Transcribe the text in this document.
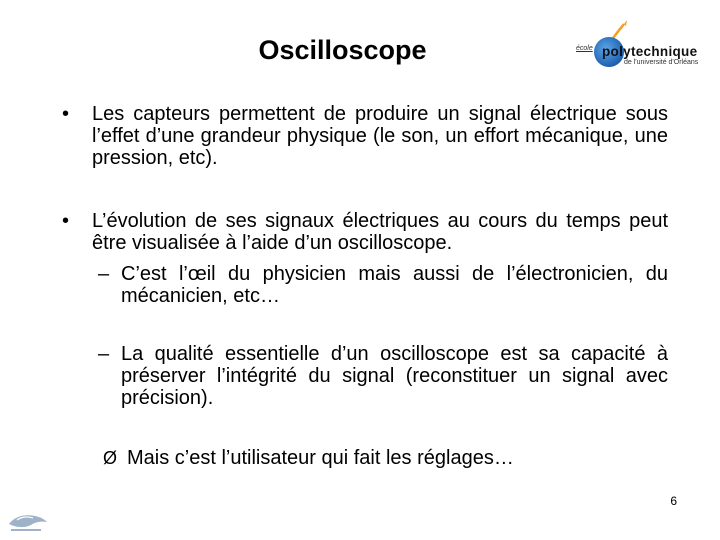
Oscilloscope	école polytechnique
de l'université d'Orléans
• Les capteurs permettent de produire un signal électrique sous l’effet d’une grandeur physique (le son, un effort mécanique, une pression, etc).
• L’évolution de ses signaux électriques au cours du temps peut être visualisée à l’aide d’un oscilloscope.
– C’est l’œil du physicien mais aussi de l’électronicien, du mécanicien, etc…
– La qualité essentielle d’un oscilloscope est sa capacité à préserver l’intégrité du signal (reconstituer un signal avec précision).
Ø Mais c’est l’utilisateur qui fait les réglages…
6
